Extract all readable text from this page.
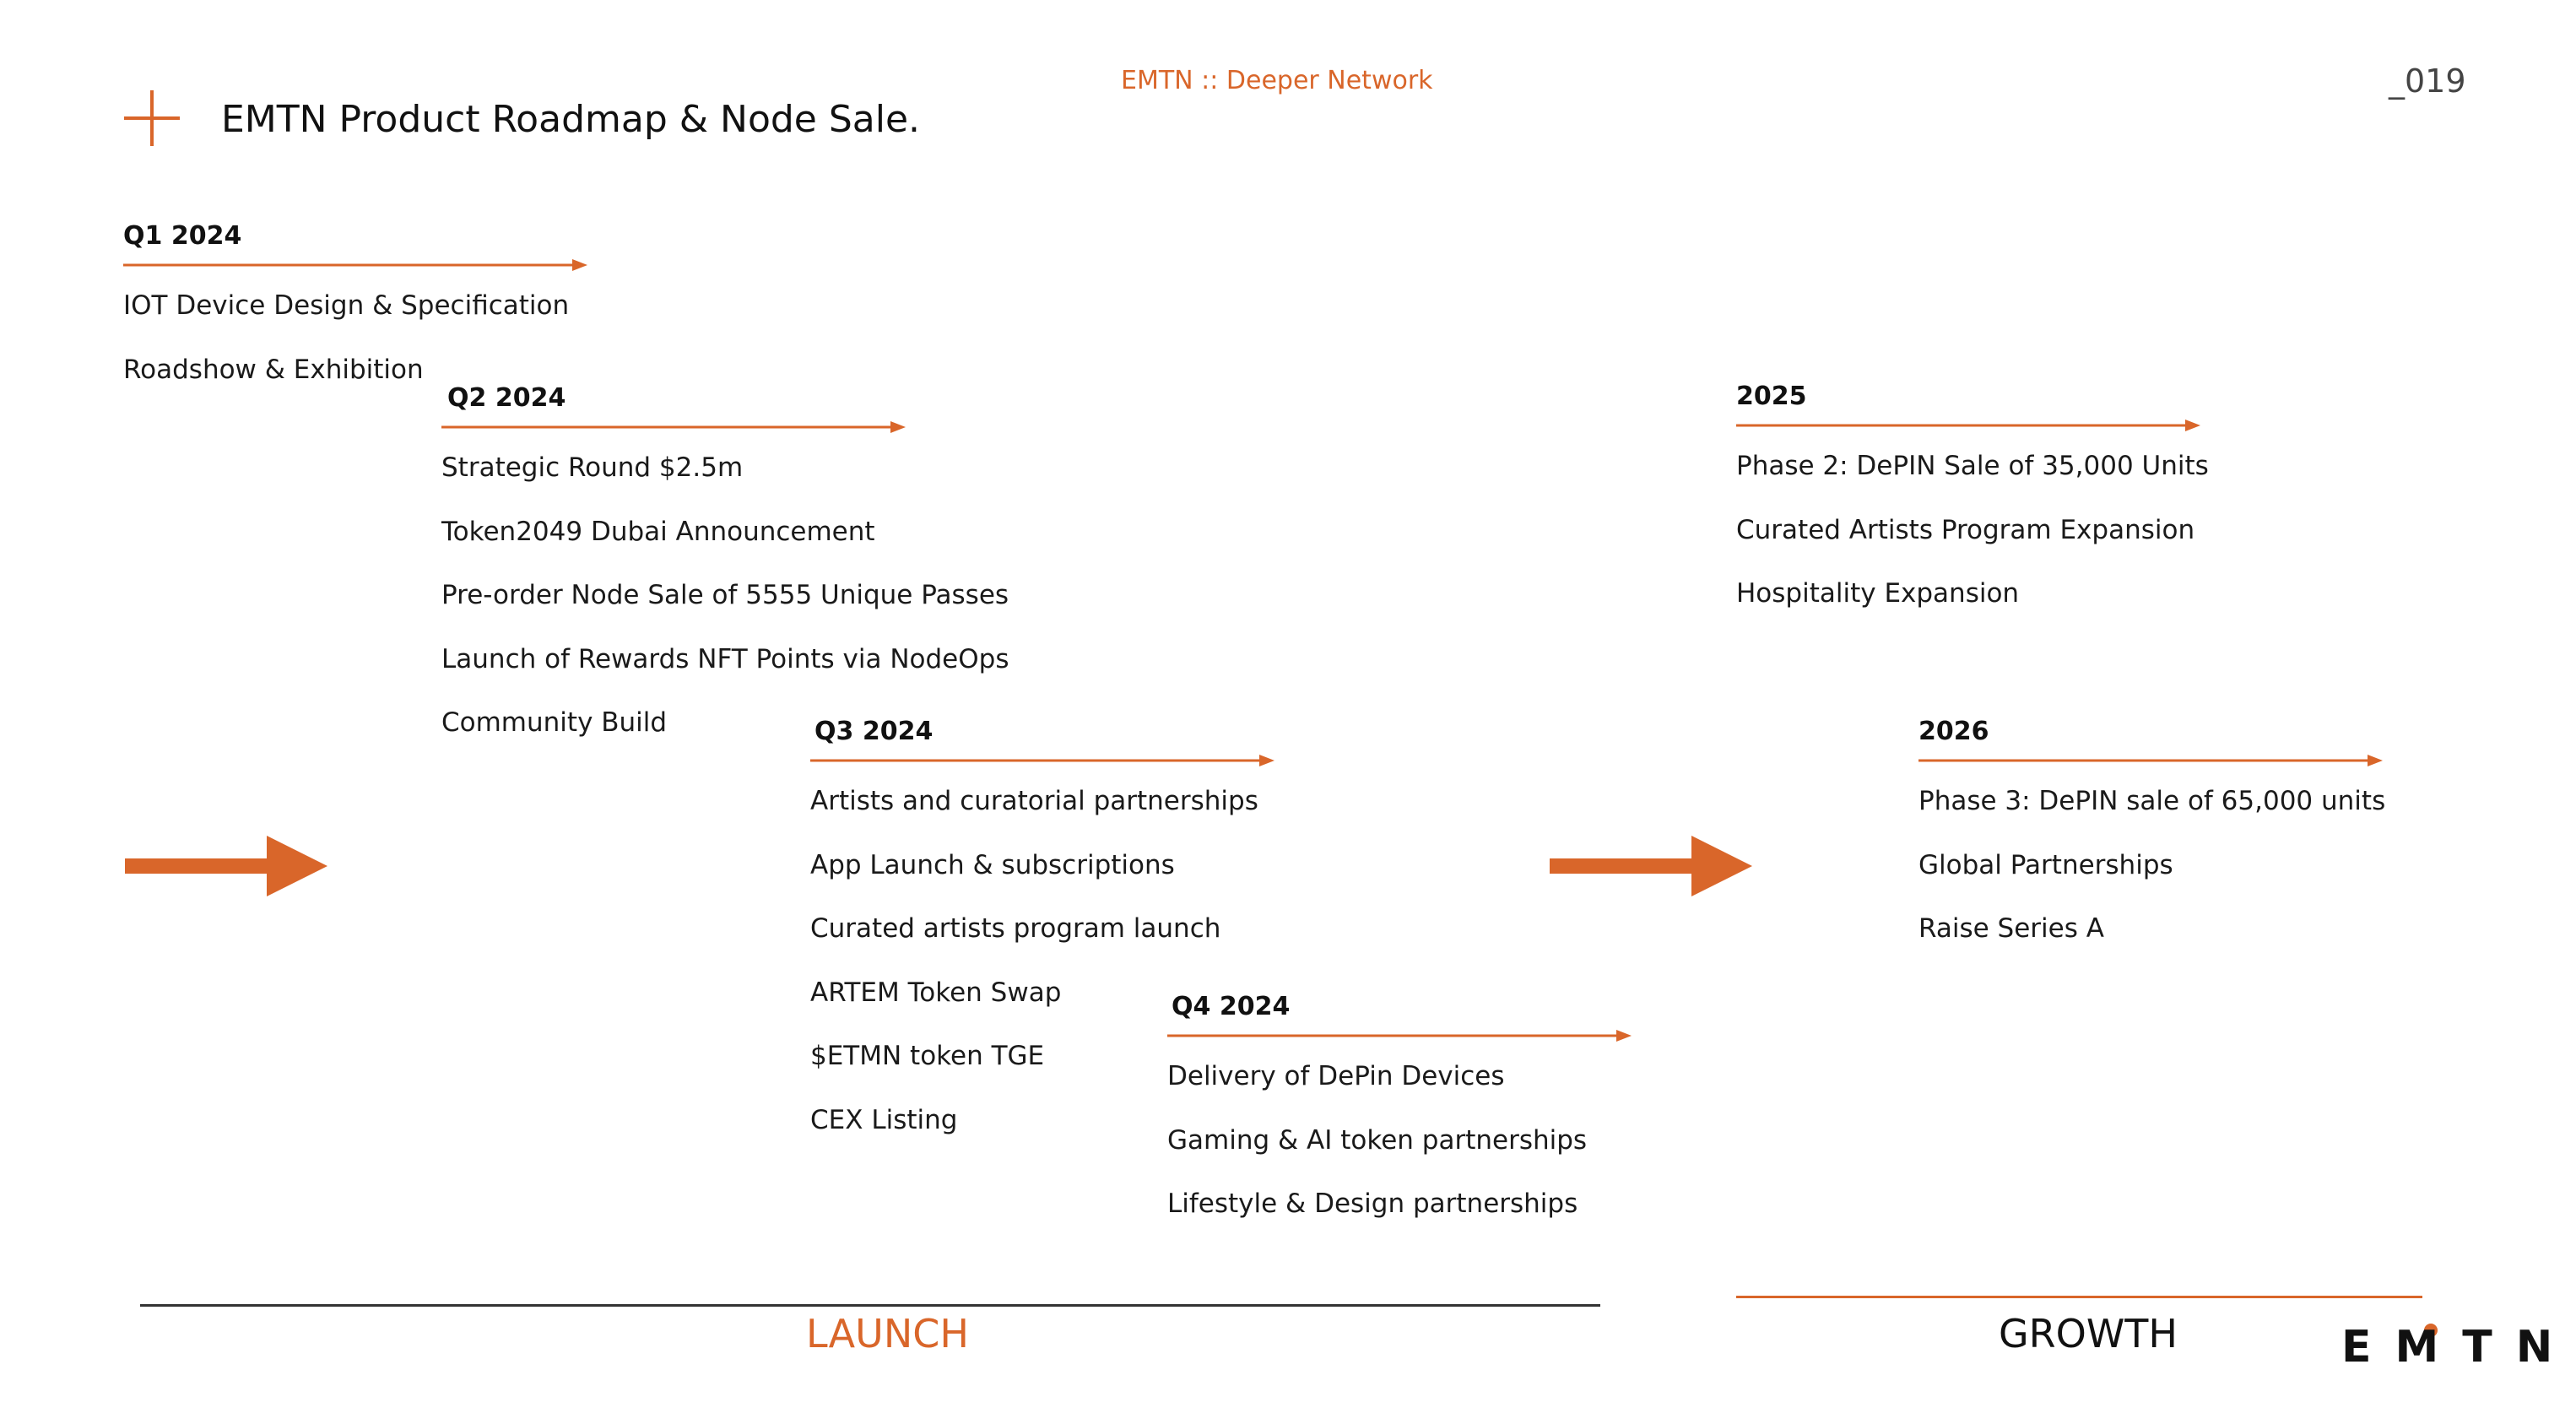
EMTN Product Roadmap & Node Sale.
EMTN :: Deeper Network	_019
Q1 2024
IOT Device Design & Specification
Roadshow & Exhibition
Q2 2024
Strategic Round $2.5m
Token2049 Dubai Announcement
Pre-order Node Sale of 5555 Unique Passes
Launch of Rewards NFT Points via NodeOps
Community Build	Q3 2024
Artists and curatorial partnerships
App Launch & subscriptions
Curated artists program launch
ARTEM Token Swap
$ETMN token TGE
CEX Listing
Q4 2024
Delivery of DePin Devices
Gaming & AI token partnerships
Lifestyle & Design partnerships
2025
Phase 2: DePIN Sale of 35,000 Units
Curated Artists Program Expansion
Hospitality Expansion
2026
Phase 3: DePIN sale of 65,000 units
Global Partnerships
Raise Series A
LAUNCH	GROWTH	EMTN
